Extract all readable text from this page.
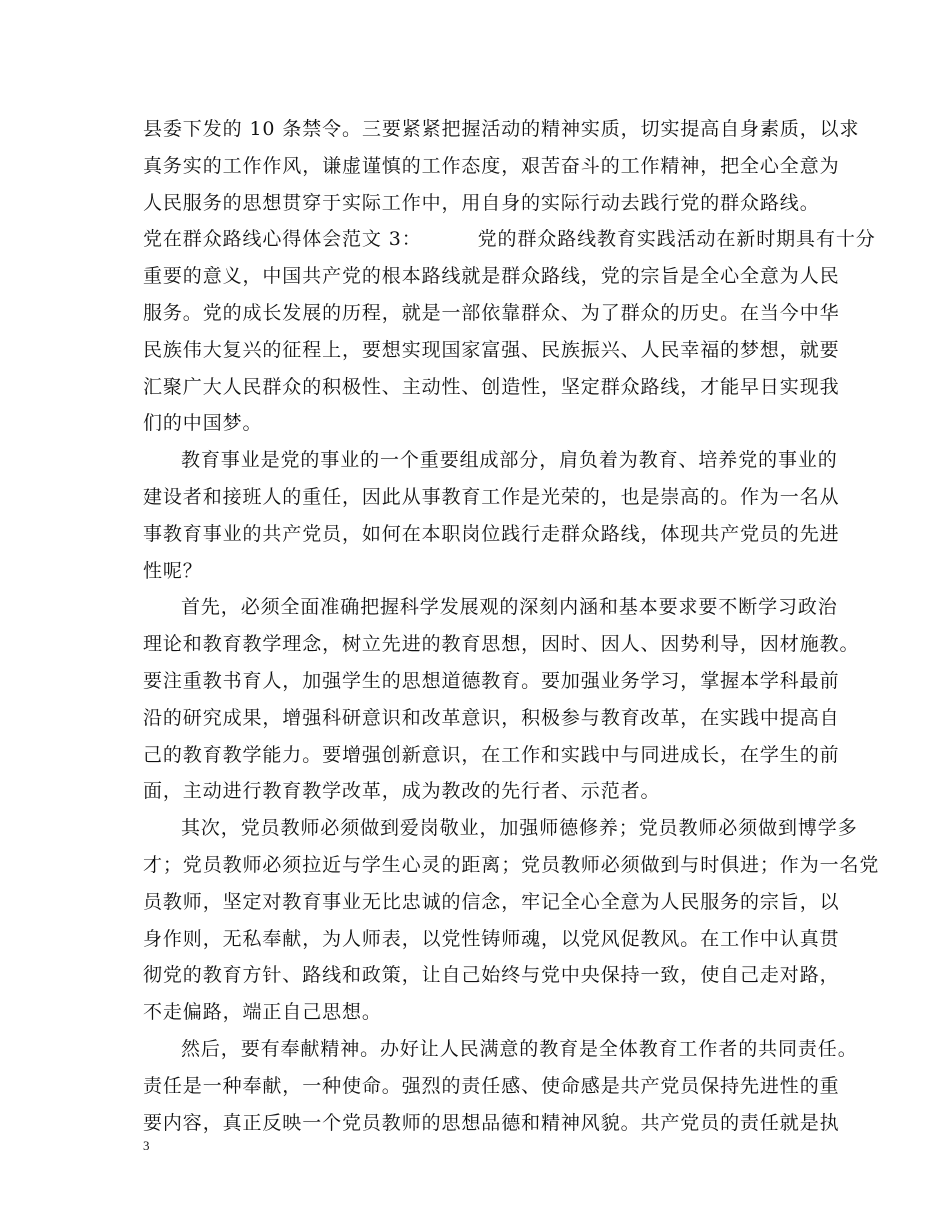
县委下发的 10 条禁令。三要紧紧把握活动的精神实质，切实提高自身素质，以求
真务实的工作作风，谦虚谨慎的工作态度，艰苦奋斗的工作精神，把全心全意为
人民服务的思想贯穿于实际工作中，用自身的实际行动去践行党的群众路线。
党在群众路线心得体会范文 3：	党的群众路线教育实践活动在新时期具有十分
重要的意义，中国共产党的根本路线就是群众路线，党的宗旨是全心全意为人民
服务。党的成长发展的历程，就是一部依靠群众、为了群众的历史。在当今中华
民族伟大复兴的征程上，要想实现国家富强、民族振兴、人民幸福的梦想，就要
汇聚广大人民群众的积极性、主动性、创造性，坚定群众路线，才能早日实现我
们的中国梦。
教育事业是党的事业的一个重要组成部分，肩负着为教育、培养党的事业的
建设者和接班人的重任，因此从事教育工作是光荣的，也是崇高的。作为一名从
事教育事业的共产党员，如何在本职岗位践行走群众路线，体现共产党员的先进
性呢？
首先，必须全面准确把握科学发展观的深刻内涵和基本要求要不断学习政治
理论和教育教学理念，树立先进的教育思想，因时、因人、因势利导，因材施教。
要注重教书育人，加强学生的思想道德教育。要加强业务学习，掌握本学科最前
沿的研究成果，增强科研意识和改革意识，积极参与教育改革，在实践中提高自
己的教育教学能力。要增强创新意识，在工作和实践中与同进成长，在学生的前
面，主动进行教育教学改革，成为教改的先行者、示范者。
其次，党员教师必须做到爱岗敬业，加强师德修养；党员教师必须做到博学多
才；党员教师必须拉近与学生心灵的距离；党员教师必须做到与时俱进；作为一名党
员教师，坚定对教育事业无比忠诚的信念，牢记全心全意为人民服务的宗旨，以
身作则，无私奉献，为人师表，以党性铸师魂，以党风促教风。在工作中认真贯
彻党的教育方针、路线和政策，让自己始终与党中央保持一致，使自己走对路，
不走偏路，端正自己思想。
然后，要有奉献精神。办好让人民满意的教育是全体教育工作者的共同责任。
责任是一种奉献，一种使命。强烈的责任感、使命感是共产党员保持先进性的重
要内容，真正反映一个党员教师的思想品德和精神风貌。共产党员的责任就是执
3
